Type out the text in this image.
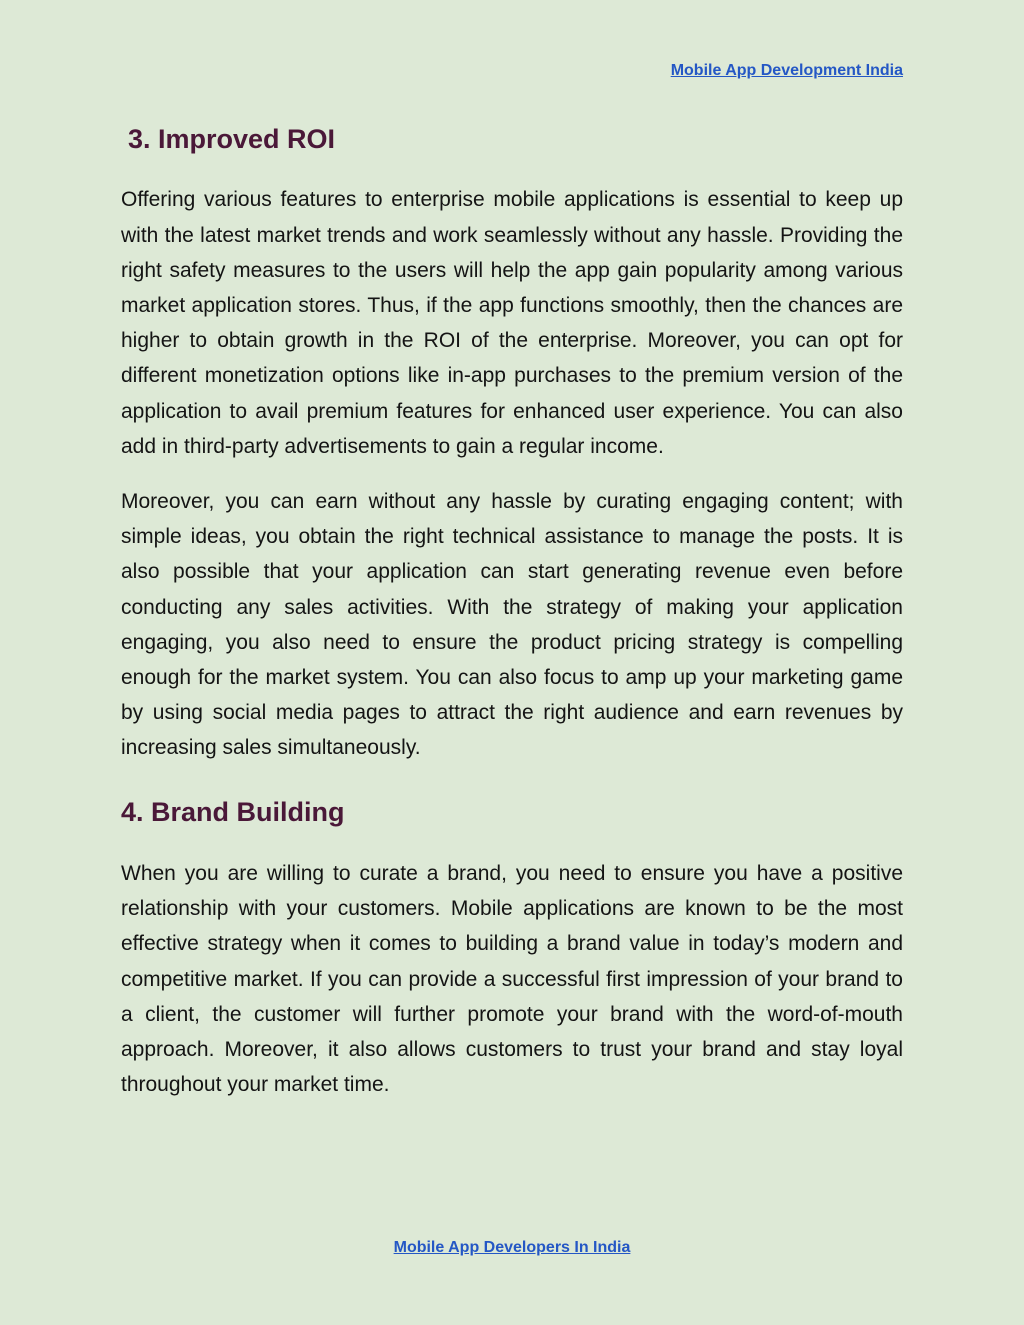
Mobile App Development India
3. Improved ROI

Offering various features to enterprise mobile applications is essential to keep up with the latest market trends and work seamlessly without any hassle. Providing the right safety measures to the users will help the app gain popularity among various market application stores. Thus, if the app functions smoothly, then the chances are higher to obtain growth in the ROI of the enterprise. Moreover, you can opt for different monetization options like in-app purchases to the premium version of the application to avail premium features for enhanced user experience. You can also add in third-party advertisements to gain a regular income.

Moreover, you can earn without any hassle by curating engaging content; with simple ideas, you obtain the right technical assistance to manage the posts. It is also possible that your application can start generating revenue even before conducting any sales activities. With the strategy of making your application engaging, you also need to ensure the product pricing strategy is compelling enough for the market system. You can also focus to amp up your marketing game by using social media pages to attract the right audience and earn revenues by increasing sales simultaneously.

4. Brand Building

When you are willing to curate a brand, you need to ensure you have a positive relationship with your customers. Mobile applications are known to be the most effective strategy when it comes to building a brand value in today’s modern and competitive market. If you can provide a successful first impression of your brand to a client, the customer will further promote your brand with the word-of-mouth approach. Moreover, it also allows customers to trust your brand and stay loyal throughout your market time.

Mobile App Developers In India
